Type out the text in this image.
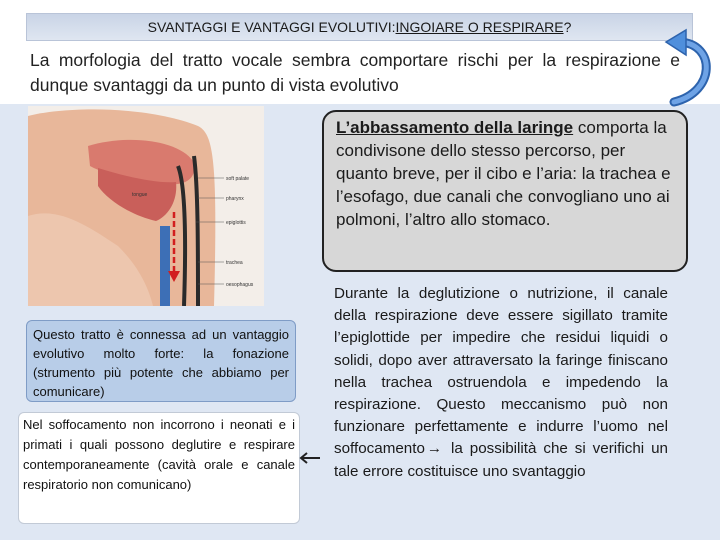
SVANTAGGI E VANTAGGI EVOLUTIVI: INGOIARE O RESPIRARE ?
La morfologia del tratto vocale sembra comportare rischi per la respirazione e dunque svantaggi da un punto di vista evolutivo
soft palate
pharynx
epiglottis
trachea
oesophagus
tongue
L’abbassamento della laringe comporta la condivisone dello stesso percorso, per quanto breve, per il cibo e l’aria: la trachea e l’esofago, due canali che convogliano uno ai polmoni, l’altro allo stomaco.
Questo tratto è connessa ad un vantaggio evolutivo molto forte: la fonazione (strumento più potente che abbiamo per comunicare)
Nel soffocamento non incorrono i neonati e i primati i quali possono deglutire e respirare contemporaneamente (cavità orale e canale respiratorio non comunicano)
Durante la deglutizione o nutrizione, il canale della respirazione deve essere sigillato tramite l’epiglottide per impedire che residui liquidi o solidi, dopo aver attraversato la faringe finiscano nella trachea ostruendola e impedendo la respirazione. Questo meccanismo può non funzionare perfettamente e indurre l’uomo nel soffocamento → la possibilità che si verifichi un tale errore costituisce uno svantaggio
